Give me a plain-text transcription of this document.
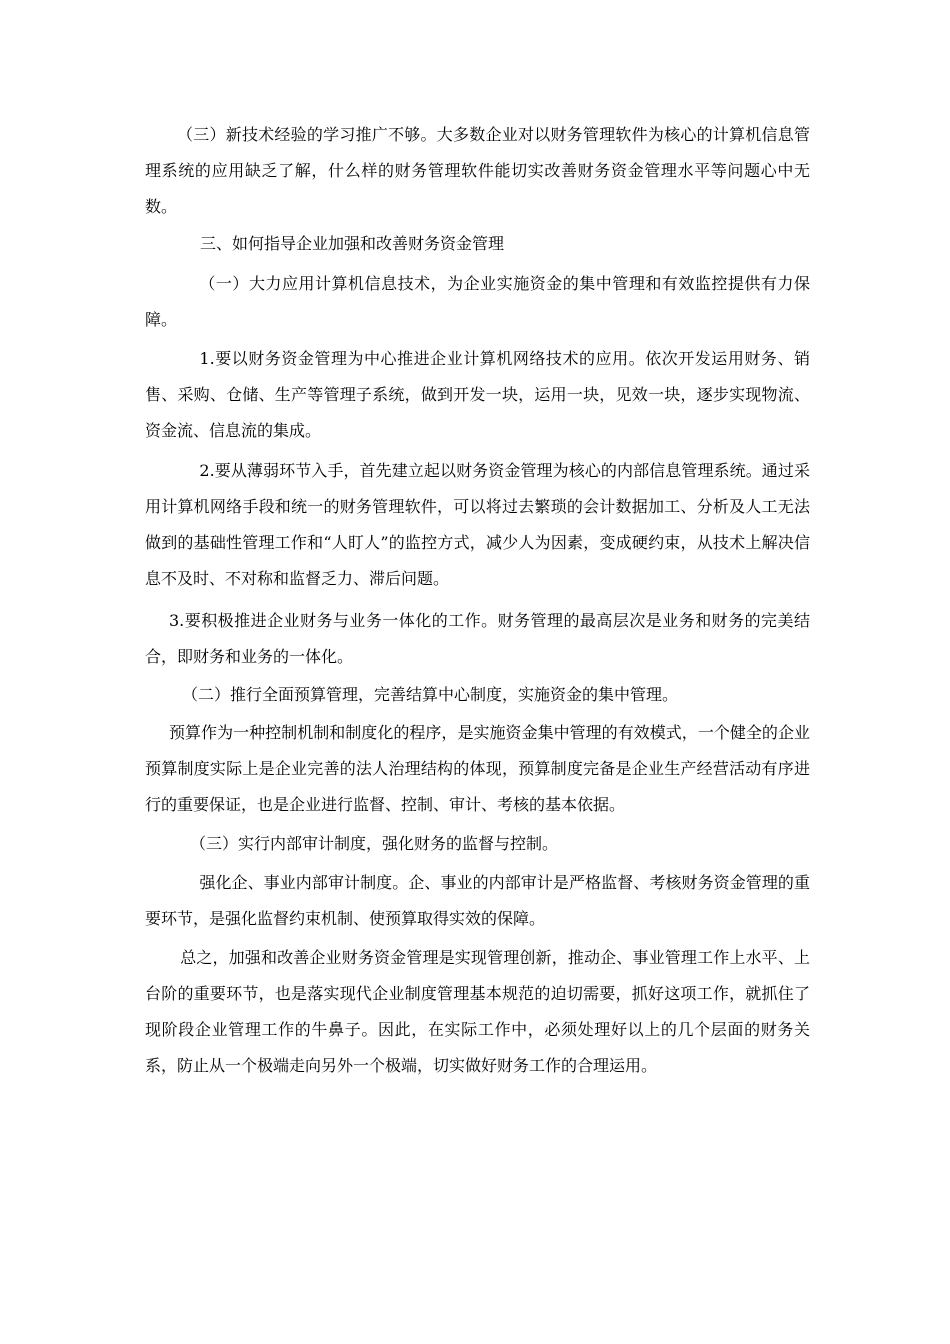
（三）新技术经验的学习推广不够。大多数企业对以财务管理软件为核心的计算机信息管理系统的应用缺乏了解，什么样的财务管理软件能切实改善财务资金管理水平等问题心中无数。

三、如何指导企业加强和改善财务资金管理

（一）大力应用计算机信息技术，为企业实施资金的集中管理和有效监控提供有力保障。

1.要以财务资金管理为中心推进企业计算机网络技术的应用。依次开发运用财务、销售、采购、仓储、生产等管理子系统，做到开发一块，运用一块，见效一块，逐步实现物流、资金流、信息流的集成。

2.要从薄弱环节入手，首先建立起以财务资金管理为核心的内部信息管理系统。通过采用计算机网络手段和统一的财务管理软件，可以将过去繁琐的会计数据加工、分析及人工无法做到的基础性管理工作和“人盯人”的监控方式，减少人为因素，变成硬约束，从技术上解决信息不及时、不对称和监督乏力、滞后问题。

3.要积极推进企业财务与业务一体化的工作。财务管理的最高层次是业务和财务的完美结合，即财务和业务的一体化。

（二）推行全面预算管理，完善结算中心制度，实施资金的集中管理。

预算作为一种控制机制和制度化的程序，是实施资金集中管理的有效模式，一个健全的企业预算制度实际上是企业完善的法人治理结构的体现，预算制度完备是企业生产经营活动有序进行的重要保证，也是企业进行监督、控制、审计、考核的基本依据。

（三）实行内部审计制度，强化财务的监督与控制。

强化企、事业内部审计制度。企、事业的内部审计是严格监督、考核财务资金管理的重要环节，是强化监督约束机制、使预算取得实效的保障。

总之，加强和改善企业财务资金管理是实现管理创新，推动企、事业管理工作上水平、上台阶的重要环节，也是落实现代企业制度管理基本规范的迫切需要，抓好这项工作，就抓住了现阶段企业管理工作的牛鼻子。因此，在实际工作中，必须处理好以上的几个层面的财务关系，防止从一个极端走向另外一个极端，切实做好财务工作的合理运用。
